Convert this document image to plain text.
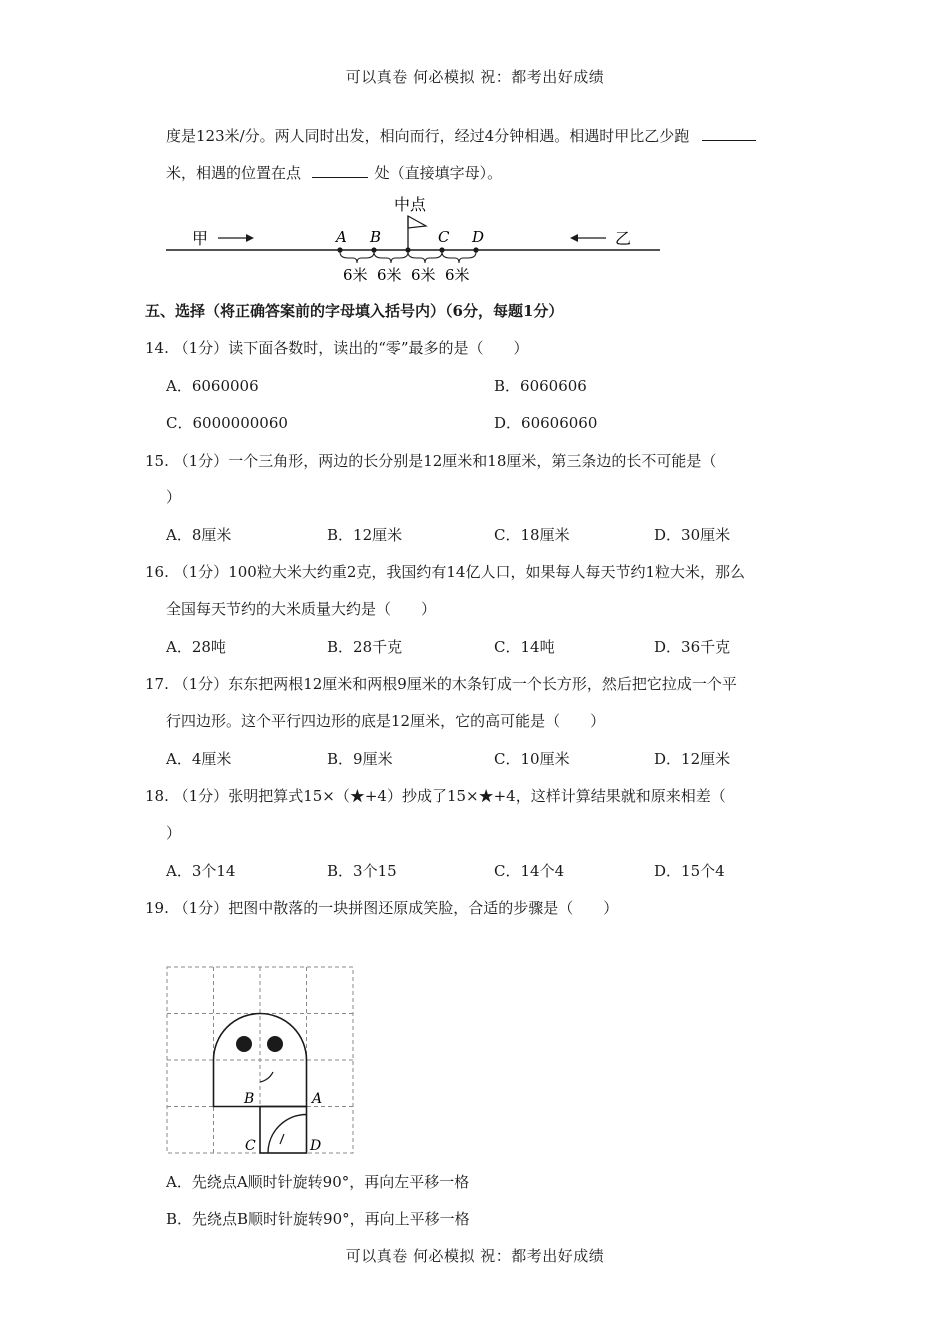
可以真卷 何必模拟 祝：都考出好成绩
度是123米/分。两人同时出发，相向而行，经过4分钟相遇。相遇时甲比乙少跑
米，相遇的位置在点	处（直接填字母）。
甲	乙
A B	C D
中点
6米 6米 6米 6米
五、选择（将正确答案前的字母填入括号内）（6分，每题1分）
14. （1分）读下面各数时，读出的“零”最多的是（　　）
A．6060006	B．6060606
C．6000000060	D．60606060
15. （1分）一个三角形，两边的长分别是12厘米和18厘米，第三条边的长不可能是（
）
A．8厘米	B．12厘米	C．18厘米	D．30厘米
16. （1分）100粒大米大约重2克，我国约有14亿人口，如果每人每天节约1粒大米，那么
全国每天节约的大米质量大约是（　　）
A．28吨	B．28千克	C．14吨	D．36千克
17. （1分）东东把两根12厘米和两根9厘米的木条钉成一个长方形，然后把它拉成一个平
行四边形。这个平行四边形的底是12厘米，它的高可能是（　　）
A．4厘米	B．9厘米	C．10厘米	D．12厘米
18. （1分）张明把算式15×（★+4）抄成了15×★+4，这样计算结果就和原来相差（
）
A．3个14	B．3个15	C．14个4	D．15个4
19. （1分）把图中散落的一块拼图还原成笑脸，合适的步骤是（　　）
B	A
C	D
A．先绕点A顺时针旋转90°，再向左平移一格
B．先绕点B顺时针旋转90°，再向上平移一格
可以真卷 何必模拟 祝：都考出好成绩
